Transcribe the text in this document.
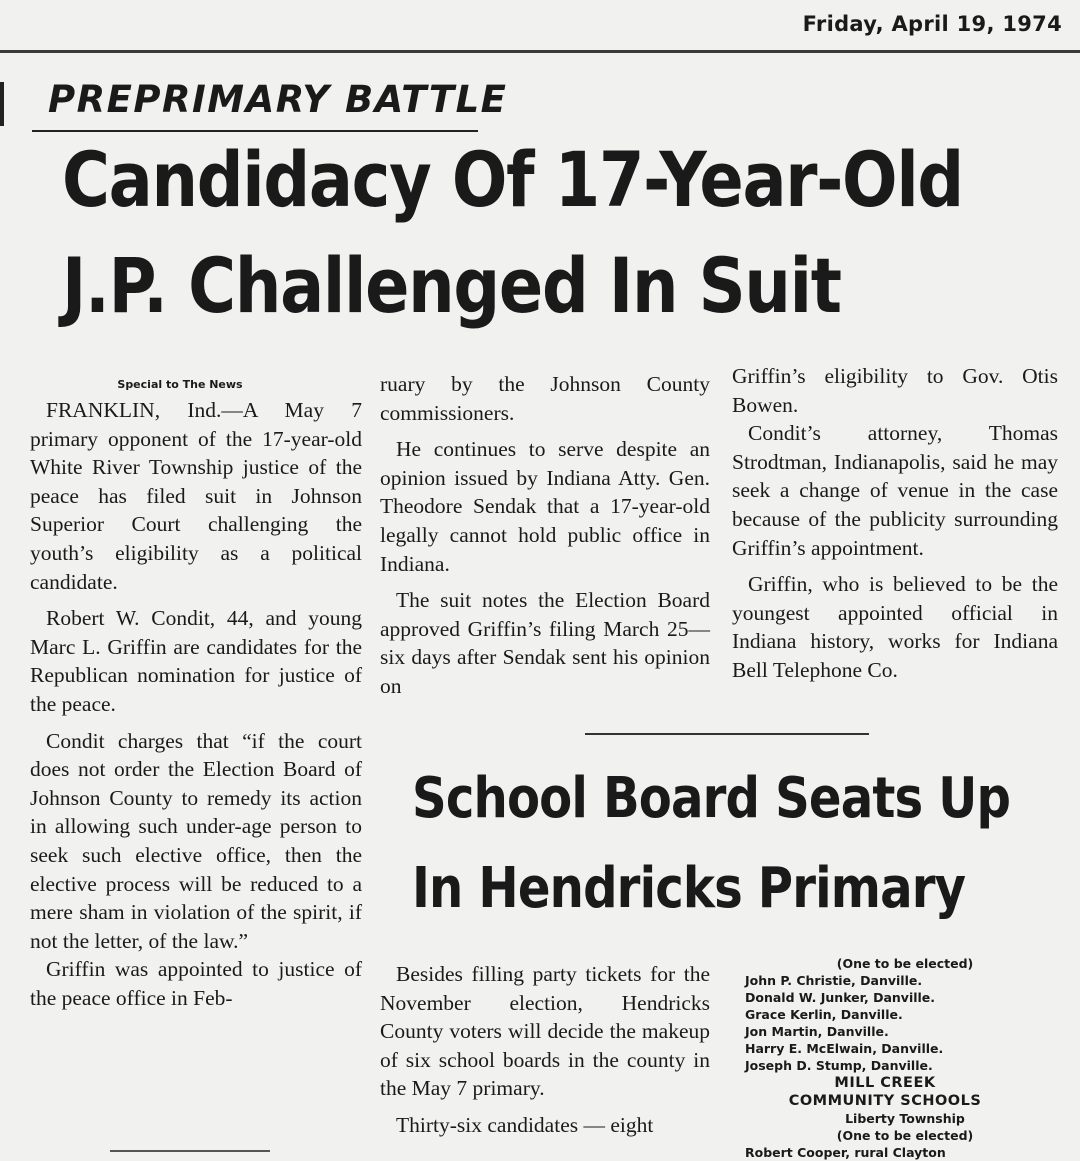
Friday, April 19, 1974
PREPRIMARY BATTLE
Candidacy Of 17-Year-Old
J.P. Challenged In Suit
Special to The News

FRANKLIN, Ind.—A May 7 primary opponent of the 17-year-old White River Township justice of the peace has filed suit in Johnson Superior Court challenging the youth’s eligibility as a political candidate.

Robert W. Condit, 44, and young Marc L. Griffin are candidates for the Republican nomination for justice of the peace.

Condit charges that “if the court does not order the Election Board of Johnson County to remedy its action in allowing such under-age person to seek such elective office, then the elective process will be reduced to a mere sham in violation of the spirit, if not the letter, of the law.”

Griffin was appointed to justice of the peace office in Feb-

ruary by the Johnson County commissioners.

He continues to serve despite an opinion issued by Indiana Atty. Gen. Theodore Sendak that a 17-year-old legally cannot hold public office in Indiana.

The suit notes the Election Board approved Griffin’s filing March 25—six days after Sendak sent his opinion on

Griffin’s eligibility to Gov. Otis Bowen.

Condit’s attorney, Thomas Strodtman, Indianapolis, said he may seek a change of venue in the case because of the publicity surrounding Griffin’s appointment.

Griffin, who is believed to be the youngest appointed official in Indiana history, works for Indiana Bell Telephone Co.

School Board Seats Up
In Hendricks Primary

Besides filling party tickets for the November election, Hendricks County voters will decide the makeup of six school boards in the county in the May 7 primary.

Thirty-six candidates — eight

(One to be elected)
John P. Christie, Danville.
Donald W. Junker, Danville.
Grace Kerlin, Danville.
Jon Martin, Danville.
Harry E. McElwain, Danville.
Joseph D. Stump, Danville.
MILL CREEK
COMMUNITY SCHOOLS
Liberty Township
(One to be elected)
Robert Cooper, rural Clayton
